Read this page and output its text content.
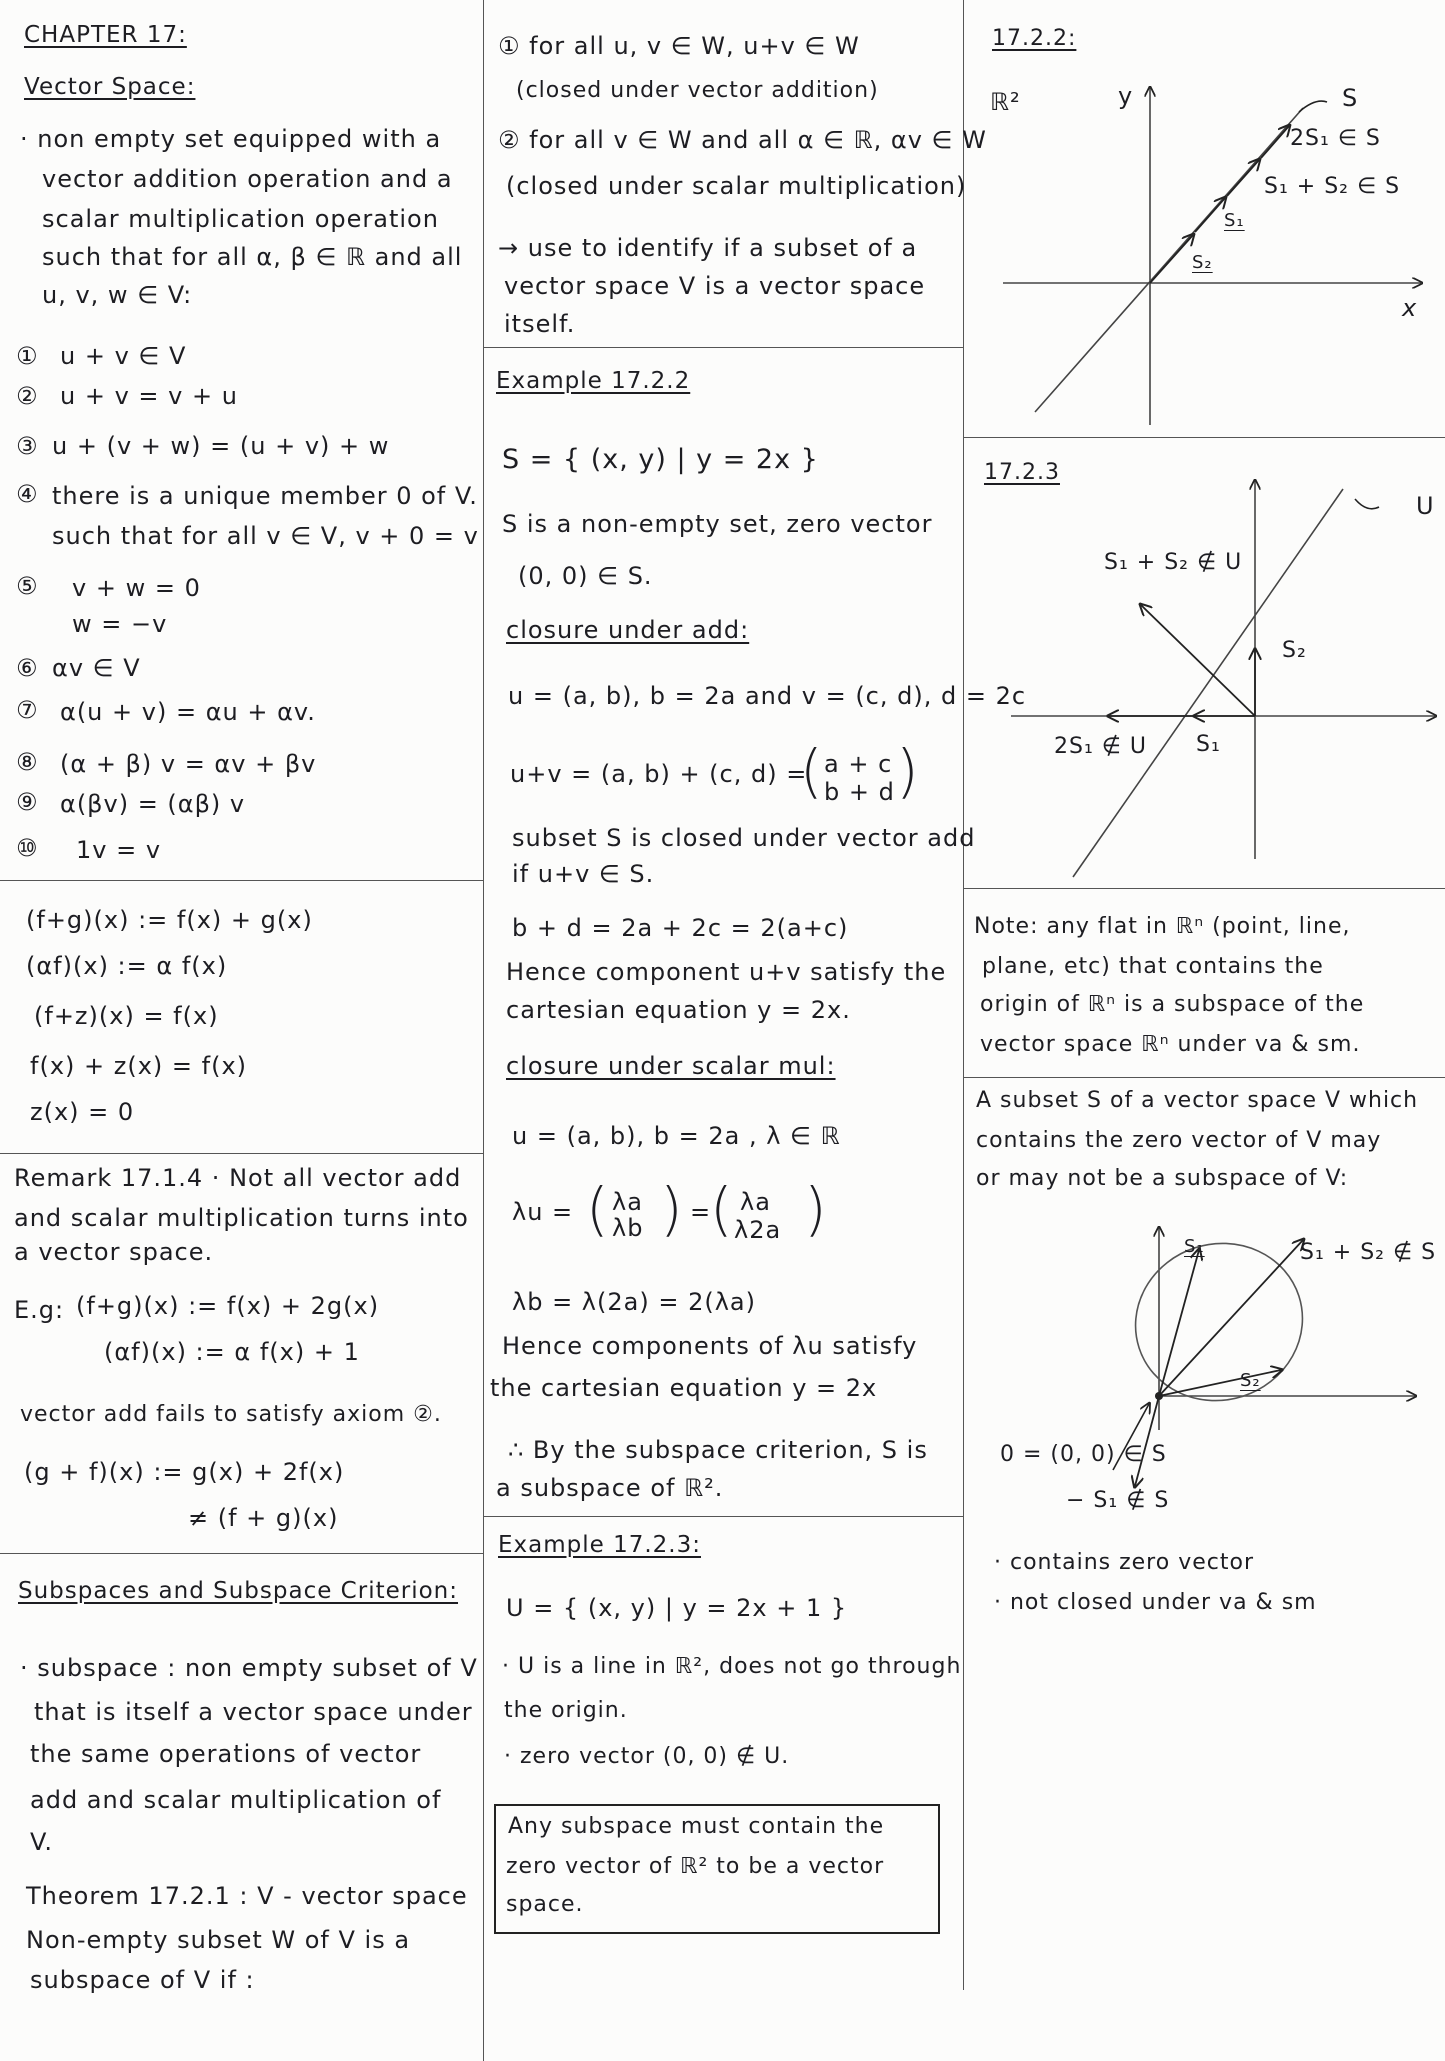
CHAPTER 17:
Vector Space:
· non empty set equipped with a
vector addition operation and a
scalar multiplication operation
such that for all α, β ∈ ℝ and all
u, v, w ∈ V:
① u + v ∈ V
② u + v = v + u
③ u + (v + w) = (u + v) + w
④ there is a unique member 0 of V.
such that for all v ∈ V, v + 0 = v
⑤ v + w = 0
w = −v
⑥ αv ∈ V
⑦ α(u + v) = αu + αv.
⑧ (α + β) v = αv + βv
⑨ α(βv) = (αβ) v
⑩ 1v = v
(f+g)(x) := f(x) + g(x)
(αf)(x) := α f(x)
(f+z)(x) = f(x)
f(x) + z(x) = f(x)
z(x) = 0
Remark 17.1.4 · Not all vector add
and scalar multiplication turns into
a vector space.
E.g: (f+g)(x) := f(x) + 2g(x)
(αf)(x) := α f(x) + 1
vector add fails to satisfy axiom ②.
(g + f)(x) := g(x) + 2f(x)
≠ (f + g)(x)
Subspaces and Subspace Criterion:
· subspace : non empty subset of V
that is itself a vector space under
the same operations of vector
add and scalar multiplication of
V.
Theorem 17.2.1 : V - vector space
Non-empty subset W of V is a
subspace of V if :
① for all u, v ∈ W, u+v ∈ W
(closed under vector addition)
② for all v ∈ W and all α ∈ ℝ, αv ∈ W
(closed under scalar multiplication)
→ use to identify if a subset of a
vector space V is a vector space
itself.
Example 17.2.2
S = { (x, y) | y = 2x }
S is a non-empty set, zero vector
(0, 0) ∈ S.
closure under add:
u = (a, b), b = 2a and v = (c, d), d = 2c
u+v = (a, b) + (c, d) =
( a + c
b + d )
subset S is closed under vector add
if u+v ∈ S.
b + d = 2a + 2c = 2(a+c)
Hence component u+v satisfy the
cartesian equation y = 2x.
closure under scalar mul:
u = (a, b), b = 2a , λ ∈ ℝ
λu = ( λa
λb ) =
( λa
λ2a )
λb = λ(2a) = 2(λa)
Hence components of λu satisfy
the cartesian equation y = 2x
∴ By the subspace criterion, S is
a subspace of ℝ².
Example 17.2.3:
U = { (x, y) | y = 2x + 1 }
· U is a line in ℝ², does not go through
the origin.
· zero vector (0, 0) ∉ U.
Any subspace must contain the
zero vector of ℝ² to be a vector
space.
17.2.2:
ℝ²	y
x
S
2S₁ ∈ S
S₁ + S₂ ∈ S
S₁
S₂
17.2.3
U
S₁ + S₂ ∉ U
S₂
2S₁ ∉ U S₁
Note: any flat in ℝⁿ (point, line,
plane, etc) that contains the
origin of ℝⁿ is a subspace of the
vector space ℝⁿ under va & sm.
A subset S of a vector space V which
contains the zero vector of V may
or may not be a subspace of V:
S₁	S₁ + S₂ ∉ S
S₂
0 = (0, 0) ∈ S
− S₁ ∉ S
· contains zero vector
· not closed under va & sm
